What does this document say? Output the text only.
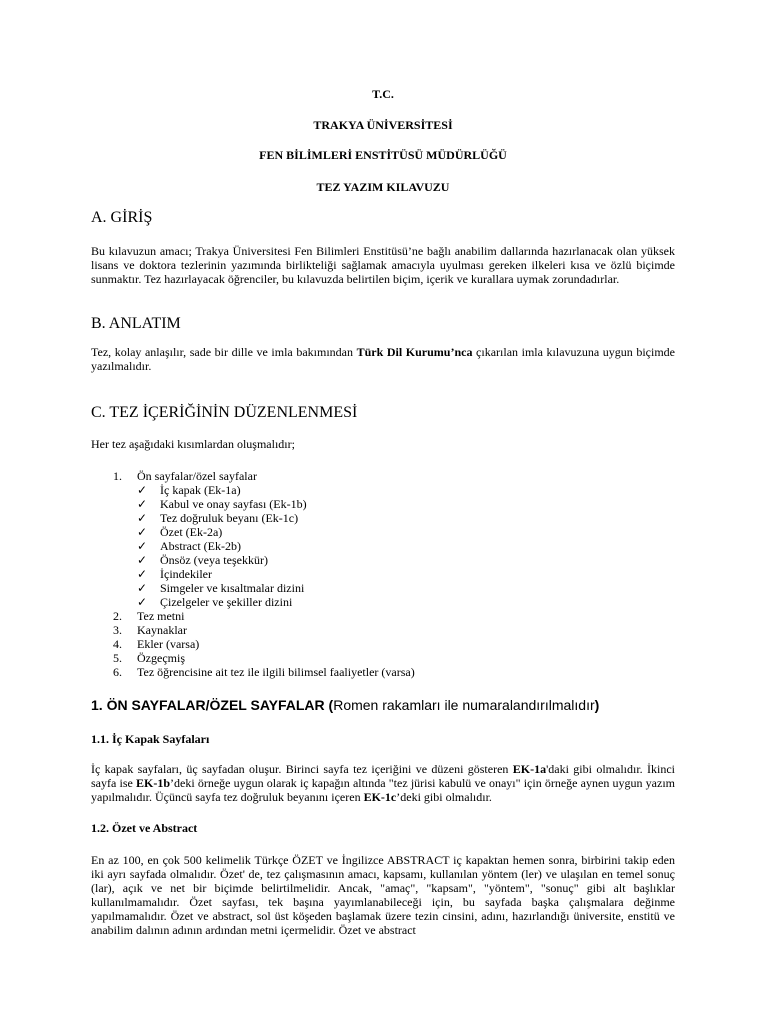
T.C.
TRAKYA ÜNİVERSİTESİ
FEN BİLİMLERİ ENSTİTÜSÜ MÜDÜRLÜĞÜ
TEZ YAZIM KILAVUZU
A. GİRİŞ

Bu kılavuzun amacı; Trakya Üniversitesi Fen Bilimleri Enstitüsü’ne bağlı anabilim dallarında hazırlanacak olan yüksek lisans ve doktora tezlerinin yazımında birlikteliği sağlamak amacıyla uyulması gereken ilkeleri kısa ve özlü biçimde sunmaktır. Tez hazırlayacak öğrenciler, bu kılavuzda belirtilen biçim, içerik ve kurallara uymak zorundadırlar.

B. ANLATIM

Tez, kolay anlaşılır, sade bir dille ve imla bakımından Türk Dil Kurumu’nca çıkarılan imla kılavuzuna uygun biçimde yazılmalıdır.

C. TEZ İÇERİĞİNİN DÜZENLENMESİ

Her tez aşağıdaki kısımlardan oluşmalıdır;

1. Ön sayfalar/özel sayfalar
✓ İç kapak (Ek-1a)
✓ Kabul ve onay sayfası (Ek-1b)
✓ Tez doğruluk beyanı (Ek-1c)
✓ Özet (Ek-2a)
✓ Abstract (Ek-2b)
✓ Önsöz (veya teşekkür)
✓ İçindekiler
✓ Simgeler ve kısaltmalar dizini
✓ Çizelgeler ve şekiller dizini
2. Tez metni
3. Kaynaklar
4. Ekler (varsa)
5. Özgeçmiş
6. Tez öğrencisine ait tez ile ilgili bilimsel faaliyetler (varsa)
1. ÖN SAYFALAR/ÖZEL SAYFALAR (Romen rakamları ile numaralandırılmalıdır)
1.1. İç Kapak Sayfaları

İç kapak sayfaları, üç sayfadan oluşur. Birinci sayfa tez içeriğini ve düzeni gösteren EK-1a'daki gibi olmalıdır. İkinci sayfa ise EK-1b’deki örneğe uygun olarak iç kapağın altında "tez jürisi kabulü ve onayı" için örneğe aynen uygun yazım yapılmalıdır. Üçüncü sayfa tez doğruluk beyanını içeren EK-1c’deki gibi olmalıdır.

1.2. Özet ve Abstract

En az 100, en çok 500 kelimelik Türkçe ÖZET ve İngilizce ABSTRACT iç kapaktan hemen sonra, birbirini takip eden iki ayrı sayfada olmalıdır. Özet' de, tez çalışmasının amacı, kapsamı, kullanılan yöntem (ler) ve ulaşılan en temel sonuç (lar), açık ve net bir biçimde belirtilmelidir. Ancak, "amaç", "kapsam", "yöntem", "sonuç" gibi alt başlıklar kullanılmamalıdır. Özet sayfası, tek başına yayımlanabileceği için, bu sayfada başka çalışmalara değinme yapılmamalıdır. Özet ve abstract, sol üst köşeden başlamak üzere tezin cinsini, adını, hazırlandığı üniversite, enstitü ve anabilim dalının adının ardından metni içermelidir. Özet ve abstract
